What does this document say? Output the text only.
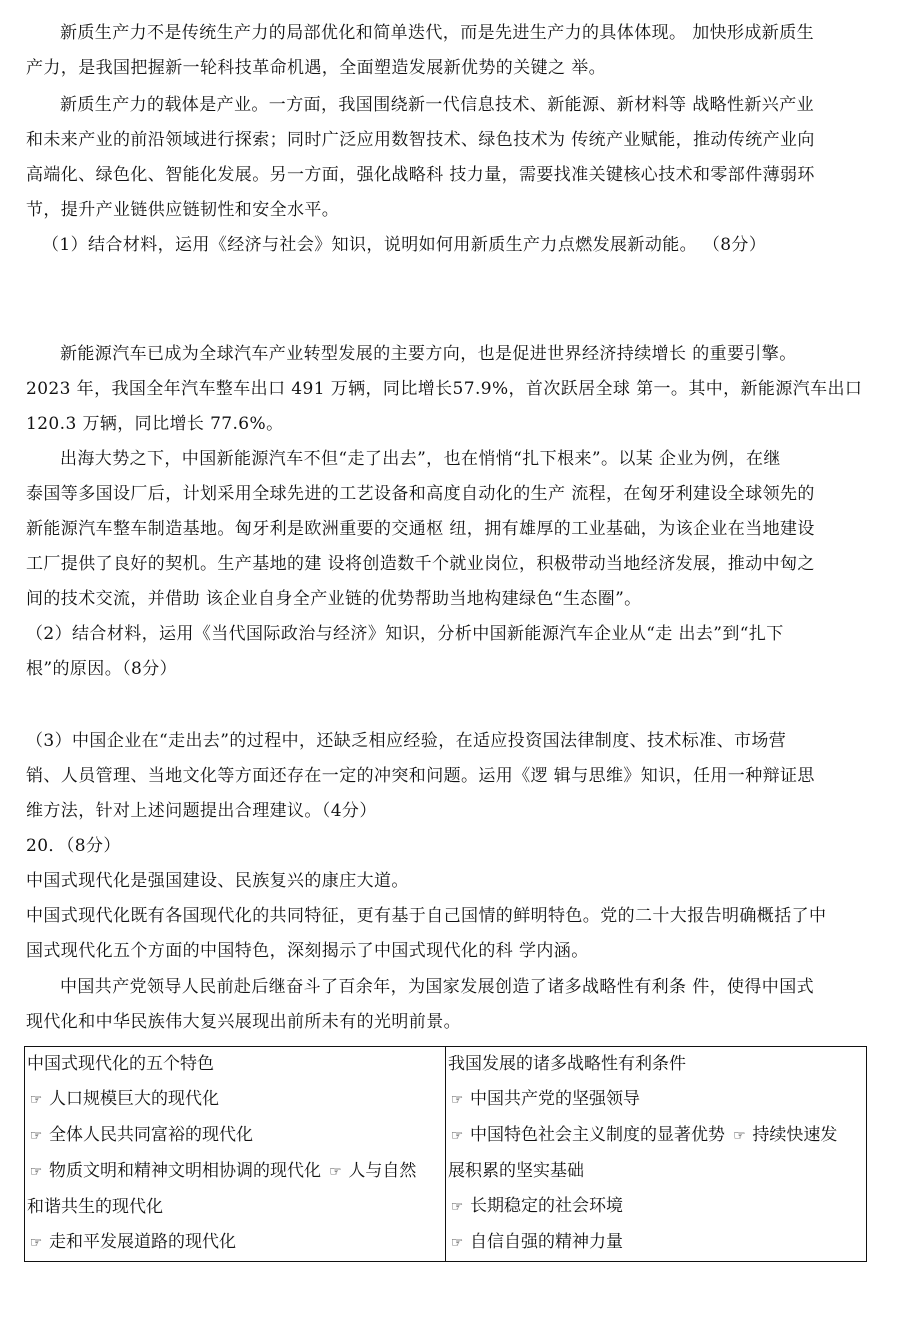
新质生产力不是传统生产力的局部优化和简单迭代，而是先进生产力的具体体现。 加快形成新质生
产力，是我国把握新一轮科技革命机遇，全面塑造发展新优势的关键之 举。
新质生产力的载体是产业。一方面，我国围绕新一代信息技术、新能源、新材料等 战略性新兴产业
和未来产业的前沿领域进行探索；同时广泛应用数智技术、绿色技术为 传统产业赋能，推动传统产业向
高端化、绿色化、智能化发展。另一方面，强化战略科 技力量，需要找准关键核心技术和零部件薄弱环
节，提升产业链供应链韧性和安全水平。
（1）结合材料，运用《经济与社会》知识，说明如何用新质生产力点燃发展新动能。 （8分）
新能源汽车已成为全球汽车产业转型发展的主要方向，也是促进世界经济持续增长 的重要引擎。
2023 年，我国全年汽车整车出口 491 万辆，同比增长57.9%，首次跃居全球 第一。其中，新能源汽车出口
120.3 万辆，同比增长 77.6%。
出海大势之下，中国新能源汽车不但“走了出去”，也在悄悄“扎下根来”。以某 企业为例，在继
泰国等多国设厂后，计划采用全球先进的工艺设备和高度自动化的生产 流程，在匈牙利建设全球领先的
新能源汽车整车制造基地。匈牙利是欧洲重要的交通枢 纽，拥有雄厚的工业基础，为该企业在当地建设
工厂提供了良好的契机。生产基地的建 设将创造数千个就业岗位，积极带动当地经济发展，推动中匈之
间的技术交流，并借助 该企业自身全产业链的优势帮助当地构建绿色“生态圈”。
（2）结合材料，运用《当代国际政治与经济》知识，分析中国新能源汽车企业从“走 出去”到“扎下
根”的原因。（8分）
（3）中国企业在“走出去”的过程中，还缺乏相应经验，在适应投资国法律制度、技术标准、市场营
销、人员管理、当地文化等方面还存在一定的冲突和问题。运用《逻 辑与思维》知识，任用一种辩证思
维方法，针对上述问题提出合理建议。（4分）
20．（8分）
中国式现代化是强国建设、民族复兴的康庄大道。
中国式现代化既有各国现代化的共同特征，更有基于自己国情的鲜明特色。党的二十大报告明确概括了中
国式现代化五个方面的中国特色，深刻揭示了中国式现代化的科 学内涵。
中国共产党领导人民前赴后继奋斗了百余年，为国家发展创造了诸多战略性有利条 件，使得中国式
现代化和中华民族伟大复兴展现出前所未有的光明前景。
中国式现代化的五个特色
☞ 人口规模巨大的现代化
☞ 全体人民共同富裕的现代化
☞ 物质文明和精神文明相协调的现代化 ☞ 人与自然
和谐共生的现代化
☞ 走和平发展道路的现代化

我国发展的诸多战略性有利条件
☞ 中国共产党的坚强领导
☞ 中国特色社会主义制度的显著优势 ☞ 持续快速发
展积累的坚实基础
☞ 长期稳定的社会环境
☞ 自信自强的精神力量
